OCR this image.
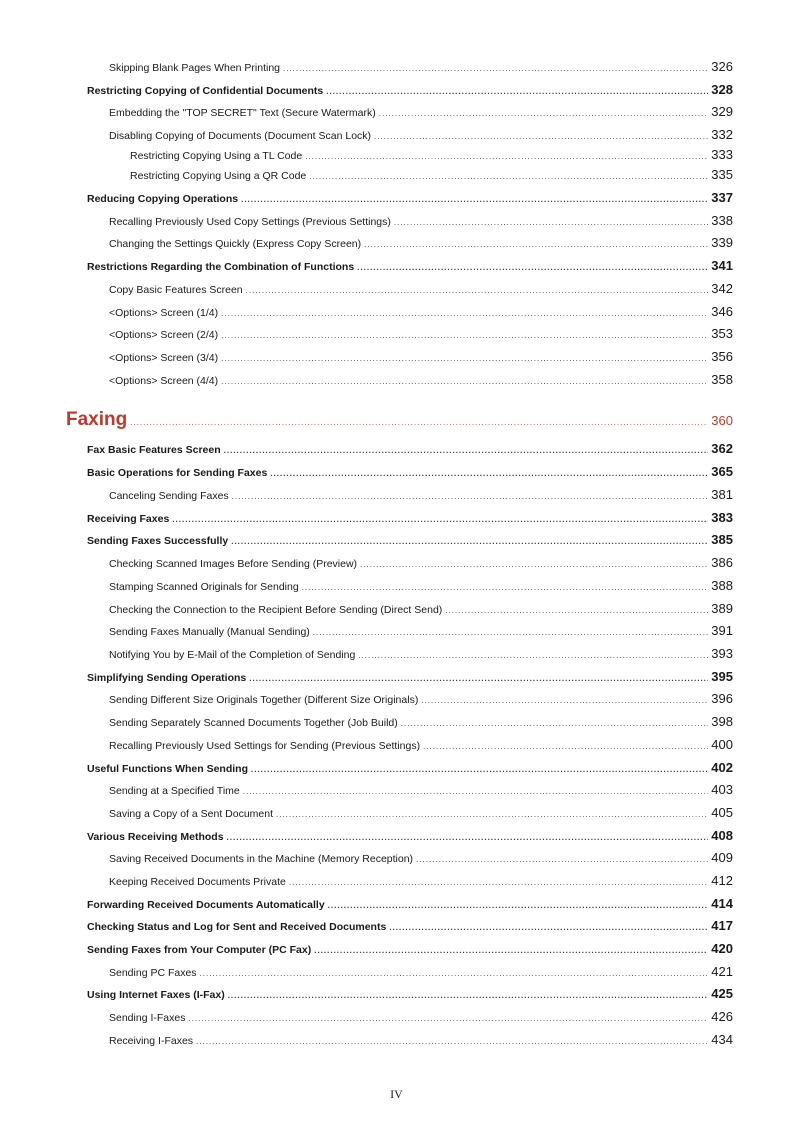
Skipping Blank Pages When Printing .....	326
Restricting Copying of Confidential Documents .....	328
Embedding the "TOP SECRET" Text (Secure Watermark) .....	329
Disabling Copying of Documents (Document Scan Lock) .....	332
Restricting Copying Using a TL Code .....	333
Restricting Copying Using a QR Code .....	335
Reducing Copying Operations .....	337
Recalling Previously Used Copy Settings (Previous Settings) .....	338
Changing the Settings Quickly (Express Copy Screen) .....	339
Restrictions Regarding the Combination of Functions .....	341
Copy Basic Features Screen .....	342
<Options> Screen (1/4) .....	346
<Options> Screen (2/4) .....	353
<Options> Screen (3/4) .....	356
<Options> Screen (4/4) .....	358
Faxing .....	360
Fax Basic Features Screen .....	362
Basic Operations for Sending Faxes .....	365
Canceling Sending Faxes .....	381
Receiving Faxes .....	383
Sending Faxes Successfully .....	385
Checking Scanned Images Before Sending (Preview) .....	386
Stamping Scanned Originals for Sending .....	388
Checking the Connection to the Recipient Before Sending (Direct Send) .....	389
Sending Faxes Manually (Manual Sending) .....	391
Notifying You by E-Mail of the Completion of Sending .....	393
Simplifying Sending Operations .....	395
Sending Different Size Originals Together (Different Size Originals) .....	396
Sending Separately Scanned Documents Together (Job Build) .....	398
Recalling Previously Used Settings for Sending (Previous Settings) .....	400
Useful Functions When Sending .....	402
Sending at a Specified Time .....	403
Saving a Copy of a Sent Document .....	405
Various Receiving Methods .....	408
Saving Received Documents in the Machine (Memory Reception) .....	409
Keeping Received Documents Private .....	412
Forwarding Received Documents Automatically .....	414
Checking Status and Log for Sent and Received Documents .....	417
Sending Faxes from Your Computer (PC Fax) .....	420
Sending PC Faxes .....	421
Using Internet Faxes (I-Fax) .....	425
Sending I-Faxes .....	426
Receiving I-Faxes .....	434
IV
